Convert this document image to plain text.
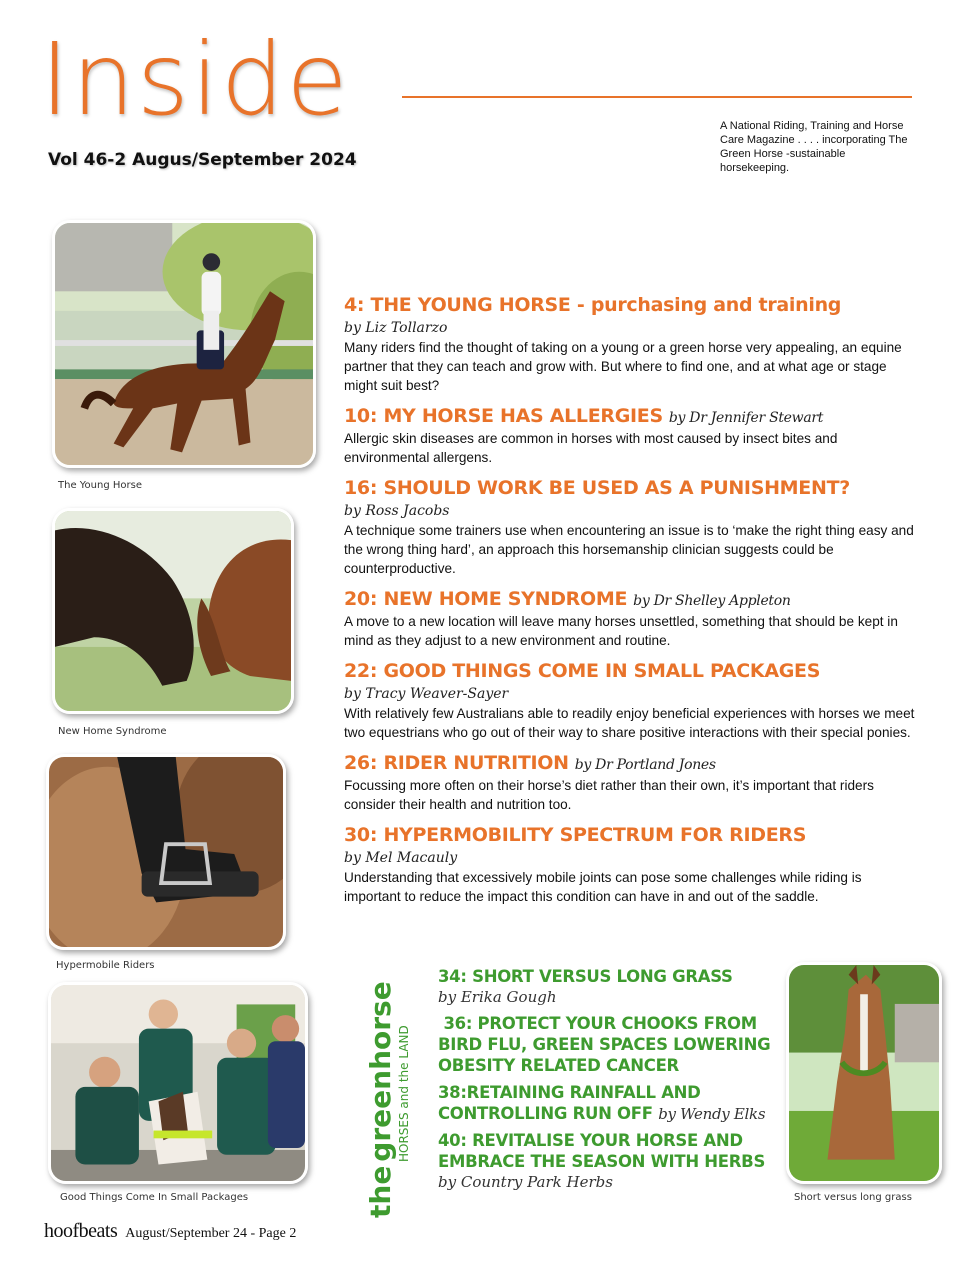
Inside
Vol 46-2 Augus/September 2024
A National Riding, Training and Horse Care Magazine . . . . incorporating The Green Horse -sustainable horsekeeping.
The Young Horse
New Home Syndrome
Hypermobile Riders
Good Things Come In Small Packages	Short versus long grass
4: THE YOUNG HORSE - purchasing and training
by Liz Tollarzo
Many riders find the thought of taking on a young or a green horse very appealing, an equine partner that they can teach and grow with. But where to find one, and at what age or stage might suit best?
10: MY HORSE HAS ALLERGIES by Dr Jennifer Stewart
Allergic skin diseases are common in horses with most caused by insect bites and environmental allergens.
16: SHOULD WORK BE USED AS A PUNISHMENT?
by Ross Jacobs
A technique some trainers use when encountering an issue is to ‘make the right thing easy and the wrong thing hard’, an approach this horsemanship clinician suggests could be counterproductive.
20: NEW HOME SYNDROME by Dr Shelley Appleton
A move to a new location will leave many horses unsettled, something that should be kept in mind as they adjust to a new environment and routine.
22: GOOD THINGS COME IN SMALL PACKAGES
by Tracy Weaver-Sayer
With relatively few Australians able to readily enjoy beneficial experiences with horses we meet two equestrians who go out of their way to share positive interactions with their special ponies.
26: RIDER NUTRITION by Dr Portland Jones
Focussing more often on their horse’s diet rather than their own, it’s important that riders consider their health and nutrition too.
30: HYPERMOBILITY SPECTRUM FOR RIDERS
by Mel Macauly
Understanding that excessively mobile joints can pose some challenges while riding is important to reduce the impact this condition can have in and out of the saddle.
thegreenhorse HORSES and the LAND
34: SHORT VERSUS LONG GRASS
by Erika Gough
36: PROTECT YOUR CHOOKS FROM BIRD FLU, GREEN SPACES LOWERING OBESITY RELATED CANCER
38:RETAINING RAINFALL AND CONTROLLING RUN OFF by Wendy Elks
40: REVITALISE YOUR HORSE AND EMBRACE THE SEASON WITH HERBS
by Country Park Herbs
hoofbeats August/September 24 - Page 2
